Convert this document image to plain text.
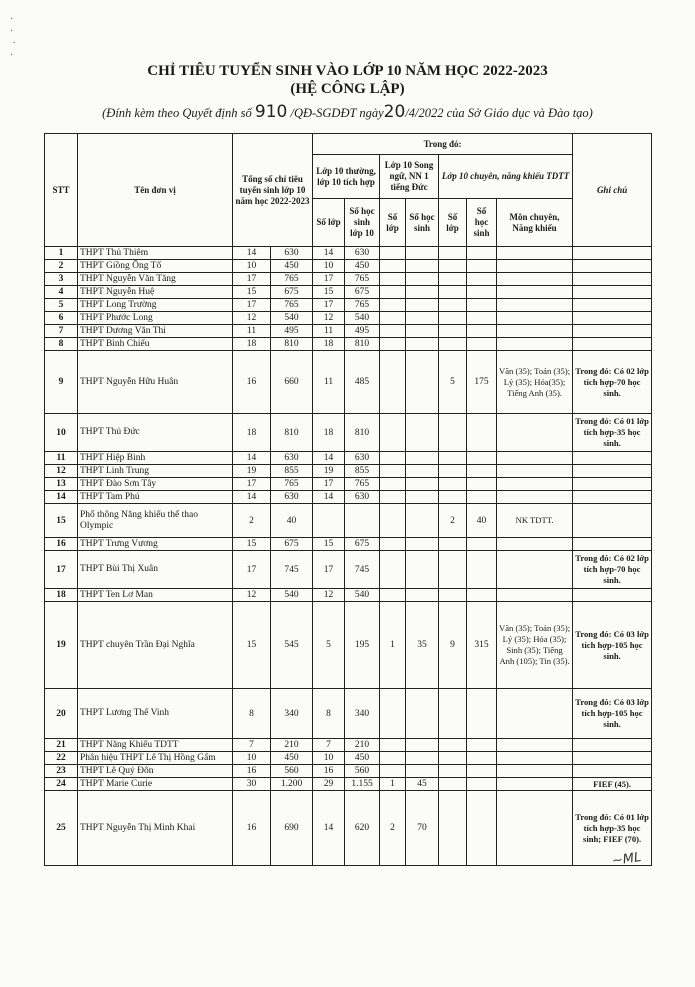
·
·
·
·
CHỈ TIÊU TUYỂN SINH VÀO LỚP 10 NĂM HỌC 2022-2023
(HỆ CÔNG LẬP)
(Đính kèm theo Quyết định số 910 /QĐ-SGDĐT ngày20/4/2022 của Sở Giáo dục và Đào tạo)
STT	Tên đơn vị	Tổng số chỉ tiêu tuyển sinh lớp 10 năm học 2022-2023		Trong đó:							Ghi chú
				Lớp 10 thường, lớp 10 tích hợp		Lớp 10 Song ngữ, NN 1 tiếng Đức		Lớp 10 chuyên, năng khiếu TDTT			
				Số lớp	Số học sinh lớp 10	Số lớp	Số học sinh	Số lớp	Số học sinh	Môn chuyên, Năng khiếu	
1	THPT Thủ Thiêm	14	630	14	630						
2	THPT Giồng Ông Tố	10	450	10	450						
3	THPT Nguyễn Văn Tăng	17	765	17	765						
4	THPT Nguyễn Huệ	15	675	15	675						
5	THPT Long Trường	17	765	17	765						
6	THPT Phước Long	12	540	12	540						
7	THPT Dương Văn Thì	11	495	11	495						
8	THPT Bình Chiểu	18	810	18	810						
9	THPT Nguyễn Hữu Huân	16	660	11	485			5	175	Văn (35); Toán (35); Lý (35); Hóa(35); Tiếng Anh (35).	Trong đó: Có 02 lớp tích hợp-70 học sinh.
10	THPT Thủ Đức	18	810	18	810						Trong đó: Có 01 lớp tích hợp-35 học sinh.
11	THPT Hiệp Bình	14	630	14	630						
12	THPT Linh Trung	19	855	19	855						
13	THPT Đào Sơn Tây	17	765	17	765						
14	THPT Tam Phú	14	630	14	630						
15	Phổ thông Năng khiếu thể thao Olympic	2	40					2	40	NK TDTT.	
16	THPT Trưng Vương	15	675	15	675						
17	THPT Bùi Thị Xuân	17	745	17	745						Trong đó: Có 02 lớp tích hợp-70 học sinh.
18	THPT Ten Lơ Man	12	540	12	540						
19	THPT chuyên Trần Đại Nghĩa	15	545	5	195	1	35	9	315	Văn (35); Toán (35); Lý (35); Hóa (35); Sinh (35); Tiếng Anh (105); Tin (35).	Trong đó: Có 03 lớp tích hợp-105 học sinh.
20	THPT Lương Thế Vinh	8	340	8	340						Trong đó: Có 03 lớp tích hợp-105 học sinh.
21	THPT Năng Khiếu TDTT	7	210	7	210						
22	Phân hiệu THPT Lê Thị Hồng Gấm	10	450	10	450						
23	THPT Lê Quý Đôn	16	560	16	560						
24	THPT Marie Curie	30	1.200	29	1.155	1	45				FIEF (45).
25	THPT Nguyễn Thị Minh Khai	16	690	14	620	2	70				Trong đó: Có 01 lớp tích hợp-35 học sinh; FIEF (70).
~ML
